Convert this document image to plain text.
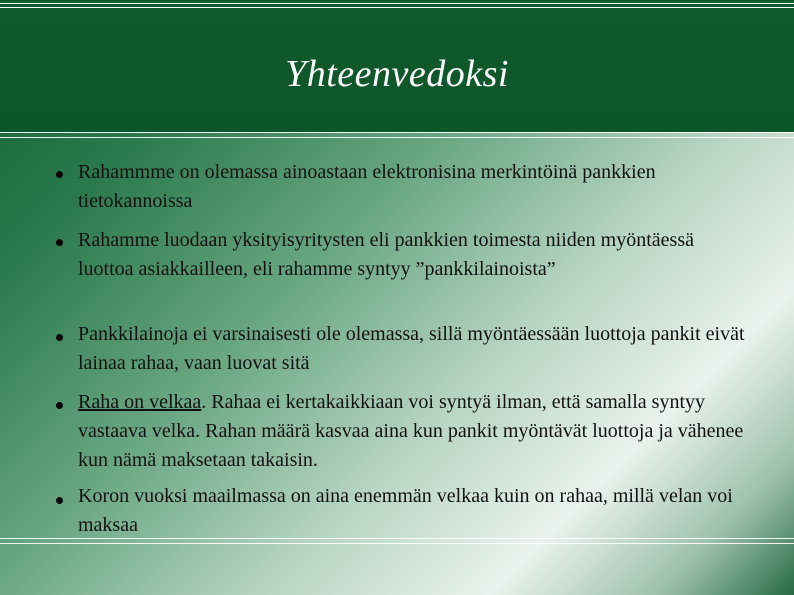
Yhteenvedoksi
Rahammme on olemassa ainoastaan elektronisina merkintöinä pankkien tietokannoissa
Rahamme luodaan yksityisyritysten eli pankkien toimesta niiden myöntäessä luottoa asiakkailleen, eli rahamme syntyy ”pankkilainoista”
Pankkilainoja ei varsinaisesti ole olemassa, sillä myöntäessään luottoja pankit eivät lainaa rahaa, vaan luovat sitä
Raha on velkaa. Rahaa ei kertakaikkiaan voi syntyä ilman, että samalla syntyy vastaava velka. Rahan määrä kasvaa aina kun pankit myöntävät luottoja ja vähenee kun nämä maksetaan takaisin.
Koron vuoksi maailmassa on aina enemmän velkaa kuin on rahaa, millä velan voi maksaa
